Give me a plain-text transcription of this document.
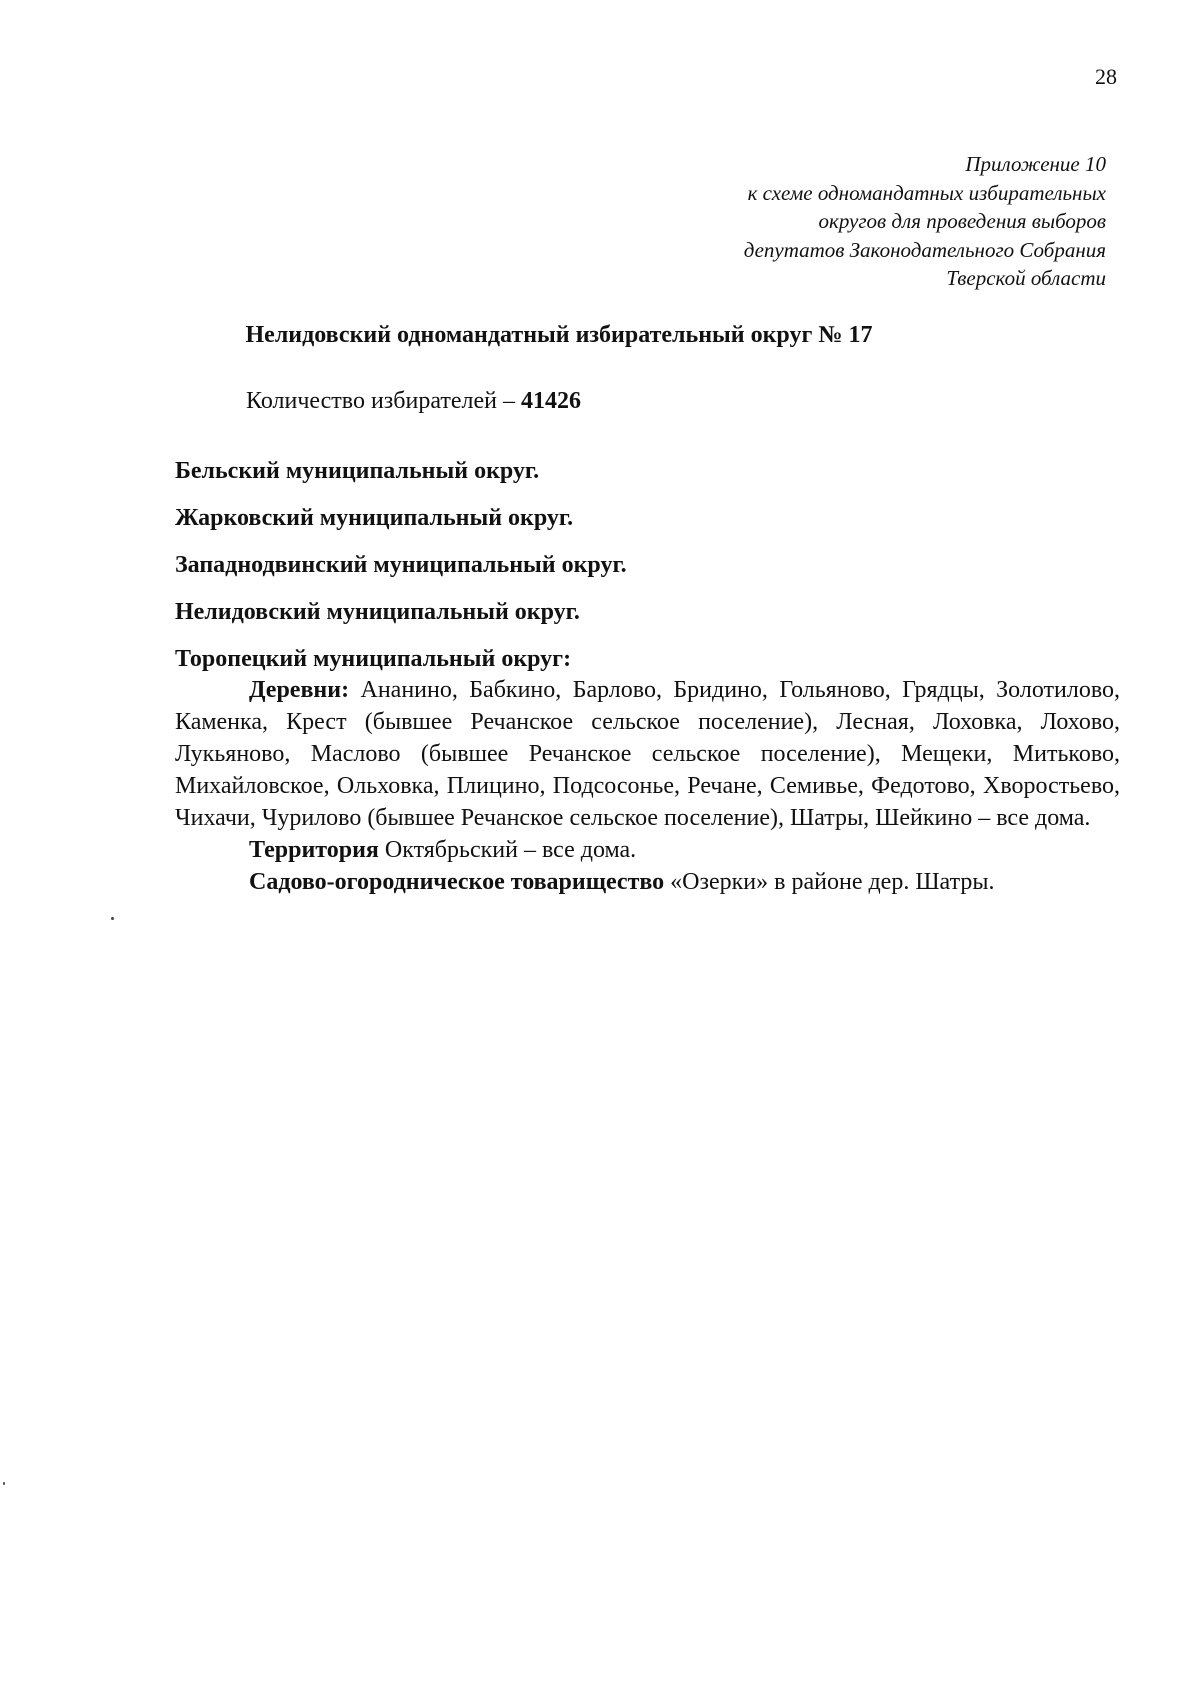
28
Приложение 10
к схеме одномандатных избирательных
округов для проведения выборов
депутатов Законодательного Собрания
Тверской области
Нелидовский одномандатный избирательный округ № 17

Количество избирателей – 41426

Бельский муниципальный округ.

Жарковский муниципальный округ.

Западнодвинский муниципальный округ.

Нелидовский муниципальный округ.

Торопецкий муниципальный округ:

Деревни: Ананино, Бабкино, Барлово, Бридино, Гольяново, Грядцы, Золотилово, Каменка, Крест (бывшее Речанское сельское поселение), Лесная, Лоховка, Лохово, Лукьяново, Маслово (бывшее Речанское сельское поселение), Мещеки, Митьково, Михайловское, Ольховка, Плицино, Подсосонье, Речане, Семивье, Федотово, Хворостьево, Чихачи, Чурилово (бывшее Речанское сельское поселение), Шатры, Шейкино – все дома.

Территория Октябрьский – все дома.

Садово-огородническое товарищество «Озерки» в районе дер. Шатры.
